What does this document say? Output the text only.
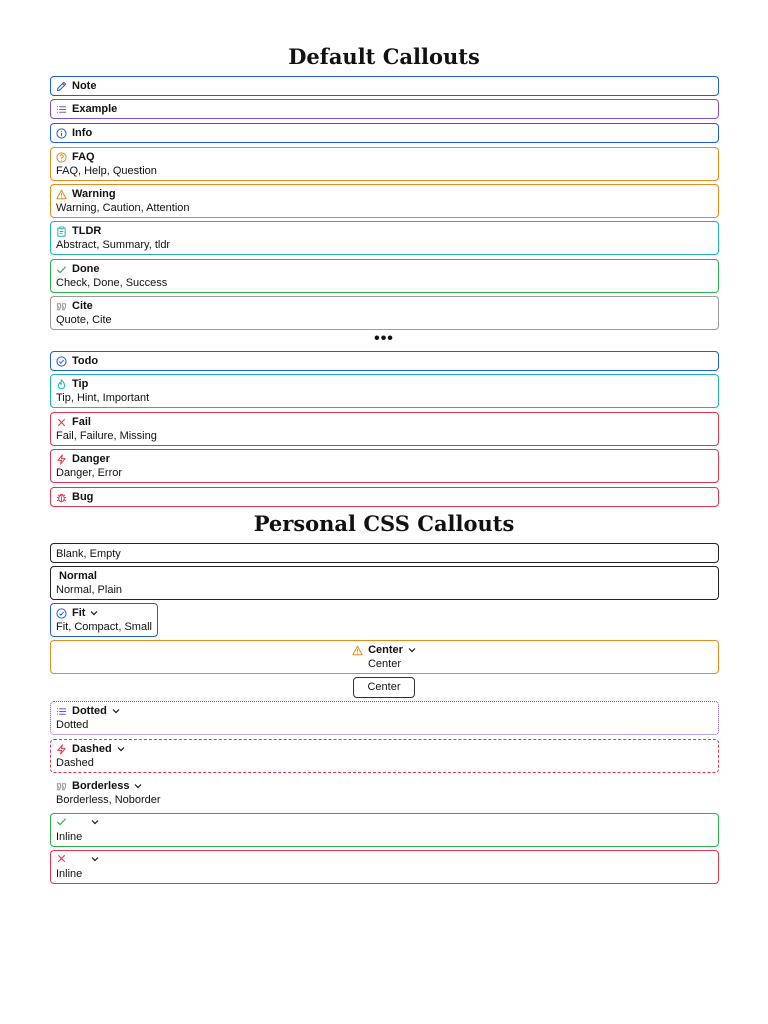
Default Callouts
Note
Example
Info
FAQ
FAQ, Help, Question
Warning
Warning, Caution, Attention
TLDR
Abstract, Summary, tldr
Done
Check, Done, Success
Cite
Quote, Cite
Todo
Tip
Tip, Hint, Important
Fail
Fail, Failure, Missing
Danger
Danger, Error
Bug
•••
Personal CSS Callouts
Blank, Empty
Normal
Normal, Plain
Fit
Fit, Compact, Small
Center
Center
Center
Dotted
Dotted
Dashed
Dashed
Borderless
Borderless, Noborder
Inline
Inline
